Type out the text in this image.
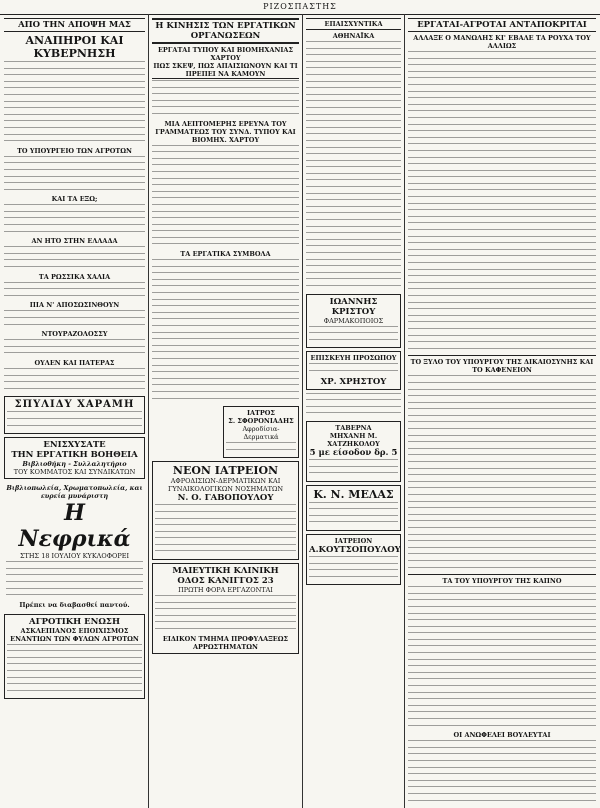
ΡΙΖΟΣΠΑΣΤΗΣ
ΑΠΟ ΤΗΝ ΑΠΟΨΗ ΜΑΣ
ΑΝΑΠΗΡΟΙ ΚΑΙ ΚΥΒΕΡΝΗΣΗ
ΤΟ ΥΠΟΥΡΓΕΙΟ ΤΩΝ ΑΓΡΟΤΩΝ
ΚΑΙ ΤΑ ΕΞΩ;
ΑΝ ΗΤΟ ΣΤΗΝ ΕΛΛΑΔΑ
ΤΑ ΡΩΣΣΙΚΑ ΧΑΛΙΑ
ΠΙΑ Ν' ΑΠΟΣΩΣΙΝΘΟΥΝ
ΝΤΟΥΡΑΖΟΛΟΣΣΥ
ΟΥΛΕΝ ΚΑΙ ΠΑΤΕΡΑΣ
ΣΠΥΛΙΔΥ ΧΑΡΑΜΗ
ΕΝΙΣΧΥΣΑΤΕ
ΤΗΝ ΕΡΓΑΤΙΚΗ ΒΟΗΘΕΙΑ
Βιβλιοθήκη - Συλλαλητήριο
ΤΟΥ ΚΟΜΜΑΤΟΣ ΚΑΙ ΣΥΝΔΙΚΑΤΩΝ
Βιβλιοπωλεία, Χρωματοπωλεία, και ευρεία μυνάριστη
Η Νεφρικά
ΣΤΗΣ 18 ΙΟΥΛΙΟΥ ΚΥΚΛΟΦΟΡΕΙ
Πρέπει να διαβασθεί παντού.
ΑΓΡΟΤΙΚΗ ΕΝΩΣΗ
ΑΣΚΛΕΠΙΑΝΟΣ ΕΠΟΙΧΙΣΜΟΣ ΕΝΑΝΤΙΩΝ ΤΩΝ ΦΥΛΩΝ ΑΓΡΟΤΩΝ
Η ΚΙΝΗΣΙΣ ΤΩΝ ΕΡΓΑΤΙΚΩΝ ΟΡΓΑΝΩΣΕΩΝ
ΕΡΓΑΤΑΙ ΤΥΠΟΥ ΚΑΙ ΒΙΟΜΗΧΑΝΙΑΣ ΧΑΡΤΟΥ
ΠΩΣ ΣΚΕΨ, ΠΩΣ ΑΠΑΙΣΙΩΝΟΥΝ ΚΑΙ ΤΙ ΠΡΕΠΕΙ ΝΑ ΚΑΜΟΥΝ
ΜΙΑ ΛΕΠΤΟΜΕΡΗΣ ΕΡΕΥΝΑ ΤΟΥ ΓΡΑΜΜΑΤΕΩΣ ΤΟΥ ΣΥΝΔ. ΤΥΠΟΥ ΚΑΙ ΒΙΟΜΗΧ. ΧΑΡΤΟΥ
ΤΑ ΕΡΓΑΤΙΚΑ ΣΥΜΒΟΛΑ
ΙΑΤΡΟΣ
Σ. ΣΦΟΡΟΝΙΑΔΗΣ
Αφροδίσια-Δερματικά
ΝΕΟΝ ΙΑΤΡΕΙΟΝ
ΑΦΡΟΔΙΣΙΩΝ-ΔΕΡΜΑΤΙΚΩΝ ΚΑΙ ΓΥΝΑΙΚΟΛΟΓΙΚΩΝ ΝΟΣΗΜΑΤΩΝ
Ν. Ο. ΓΑΒΟΠΟΥΛΟΥ
ΜΑΙΕΥΤΙΚΗ ΚΛΙΝΙΚΗ
ΟΔΟΣ ΚΑΝΙΓΓΟΣ 23
ΠΡΩΤΗ ΦΟΡΑ ΕΡΓΑΖΟΝΤΑΙ
ΕΙΔΙΚΟΝ ΤΜΗΜΑ ΠΡΟΦΥΛΑΞΕΩΣ ΑΡΡΩΣΤΗΜΑΤΩΝ
ΕΠΑΙΣΧΥΝΤΙΚΑ
ΑΘΗΝΑΪΚΑ
ΙΩΑΝΝΗΣ ΚΡΙΣΤΟΥ
ΦΑΡΜΑΚΟΠΟΙΟΣ
ΕΠΙΣΚΕΥΗ ΠΡΟΣΩΠΟΥ
ΧΡ. ΧΡΗΣΤΟΥ
ΤΑΒΕΡΝΑ
ΜΗΧΑΝΗ Μ. ΧΑΤΖΗΚΟΛΟΥ
5 με είσοδον δρ. 5
Κ. Ν. ΜΕΛΑΣ
ΙΑΤΡΕΙΟΝ
Α.ΚΟΥΤΣΟΠΟΥΛΟΥ
ΕΡΓΑΤΑΙ-ΑΓΡΟΤΑΙ ΑΝΤΑΠΟΚΡΙΤΑΙ
ΑΛΛΑΞΕ Ο ΜΑΝΩΛΗΣ ΚΙ' ΕΒΑΛΕ ΤΑ ΡΟΥΧΑ ΤΟΥ ΑΛΛΙΩΣ
ΤΟ ΞΥΛΟ ΤΟΥ ΥΠΟΥΡΓΟΥ ΤΗΣ ΔΙΚΑΙΟΣΥΝΗΣ ΚΑΙ ΤΟ ΚΑΦΕΝΕΙΟΝ
ΤΑ ΤΟΥ ΥΠΟΥΡΓΟΥ ΤΗΣ ΚΑΠΝΟ
ΟΙ ΑΝΩΦΕΛΕΙ ΒΟΥΛΕΥΤΑΙ
